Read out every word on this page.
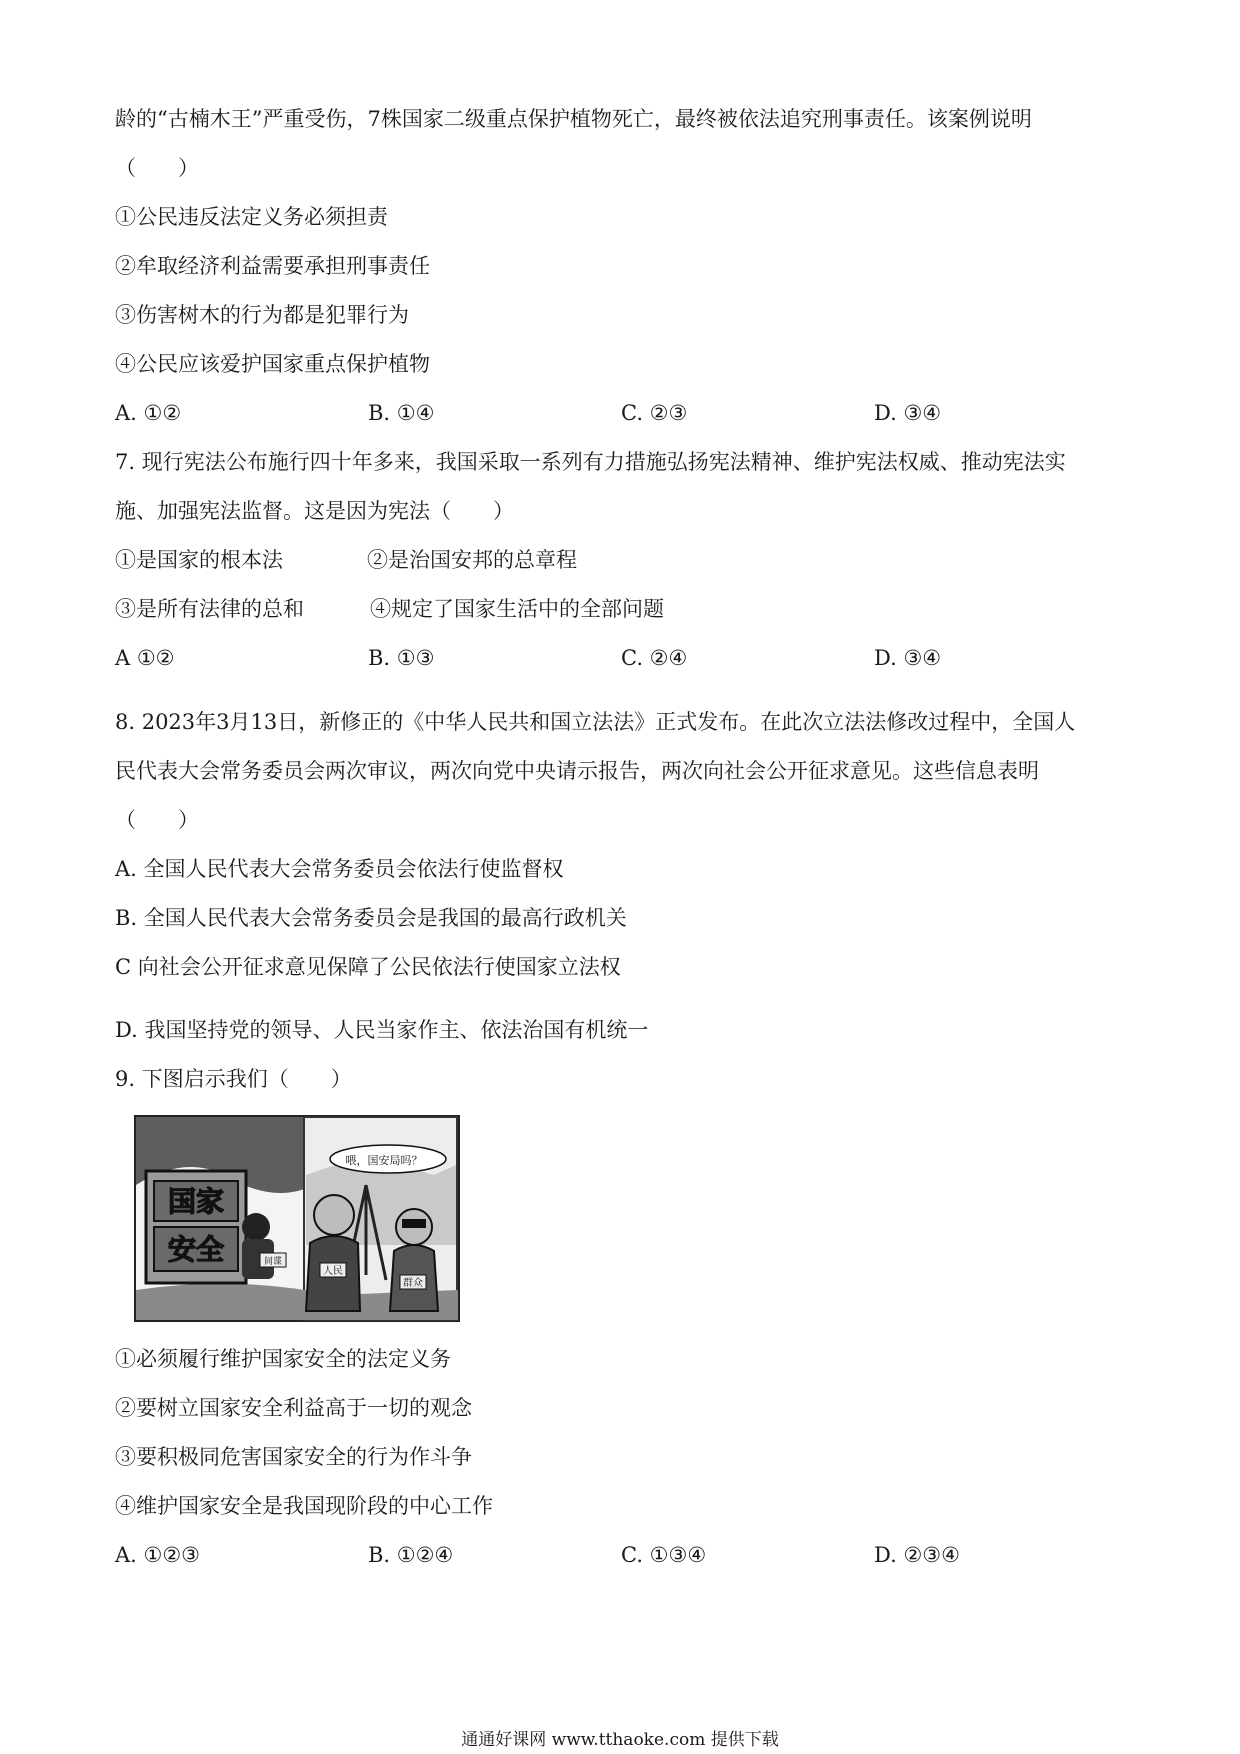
龄的“古楠木王”严重受伤，7株国家二级重点保护植物死亡，最终被依法追究刑事责任。该案例说明
（　　）
①公民违反法定义务必须担责
②牟取经济利益需要承担刑事责任
③伤害树木的行为都是犯罪行为
④公民应该爱护国家重点保护植物
A. ①②	B. ①④	C. ②③	D. ③④
7. 现行宪法公布施行四十年多来，我国采取一系列有力措施弘扬宪法精神、维护宪法权威、推动宪法实
施、加强宪法监督。这是因为宪法（　　）
①是国家的根本法	②是治国安邦的总章程
③是所有法律的总和	④规定了国家生活中的全部问题
A ①②	B. ①③	C. ②④	D. ③④
8. 2023年3月13日，新修正的《中华人民共和国立法法》正式发布。在此次立法法修改过程中，全国人
民代表大会常务委员会两次审议，两次向党中央请示报告，两次向社会公开征求意见。这些信息表明
（　　）
A. 全国人民代表大会常务委员会依法行使监督权
B. 全国人民代表大会常务委员会是我国的最高行政机关
C 向社会公开征求意见保障了公民依法行使国家立法权
D. 我国坚持党的领导、人民当家作主、依法治国有机统一
9. 下图启示我们（　　）
国家
安全	间谍
喂，国安局吗？
人民
群众
①必须履行维护国家安全的法定义务
②要树立国家安全利益高于一切的观念
③要积极同危害国家安全的行为作斗争
④维护国家安全是我国现阶段的中心工作
A. ①②③	B. ①②④	C. ①③④	D. ②③④
通通好课网 www.tthaoke.com 提供下载
